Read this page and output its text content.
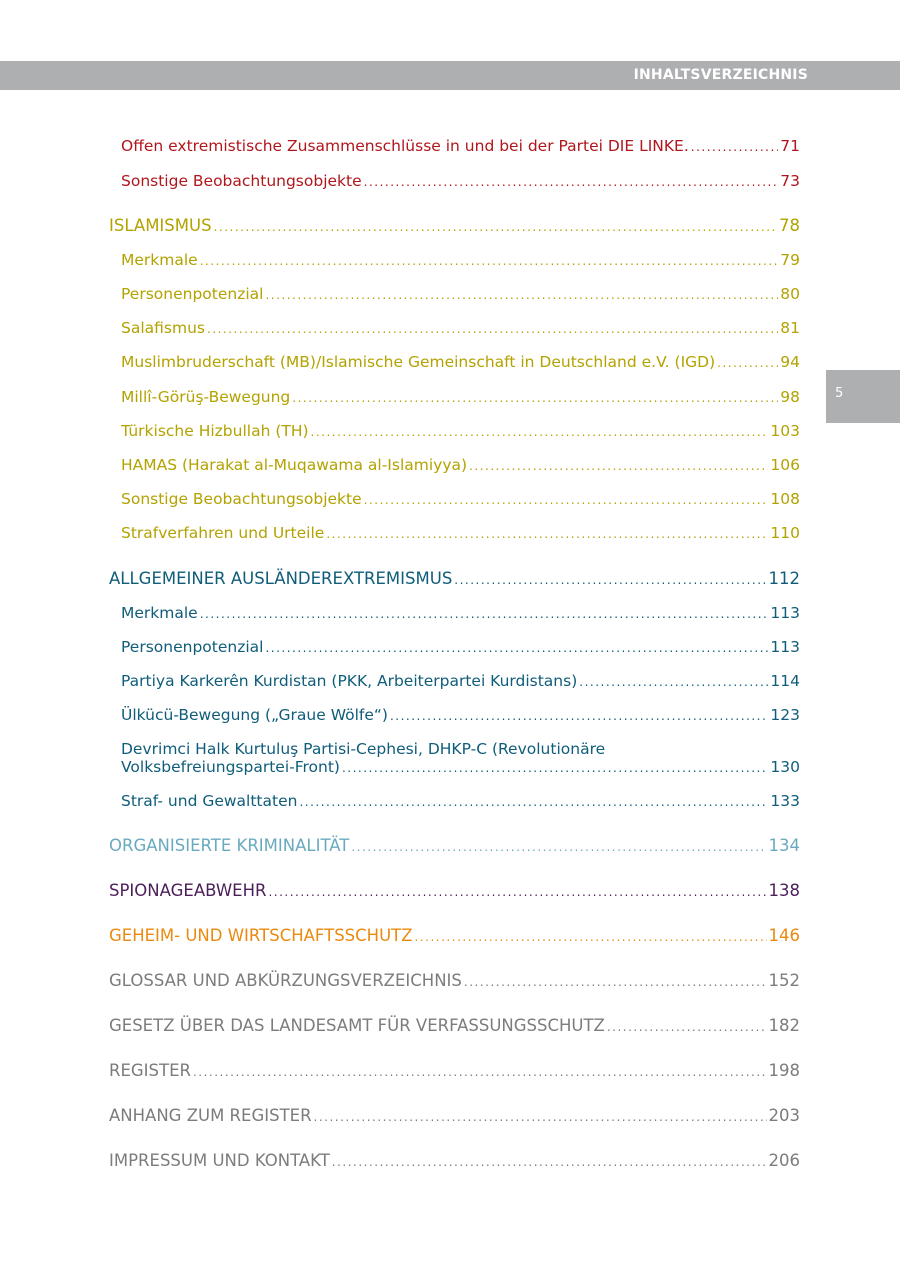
INHALTSVERZEICHNIS
5
Offen extremistische Zusammenschlüsse in und bei der Partei DIE LINKE. .....	71
Sonstige Beobachtungsobjekte .....	73
ISLAMISMUS .....	78
Merkmale .....	79
Personenpotenzial .....	80
Salafismus .....	81
Muslimbruderschaft (MB)/Islamische Gemeinschaft in Deutschland e.V. (IGD) .....	94
Millî-Görüş-Bewegung .....	98
Türkische Hizbullah (TH) .....	103
HAMAS (Harakat al-Muqawama al-Islamiyya) .....	106
Sonstige Beobachtungsobjekte .....	108
Strafverfahren und Urteile .....	110
ALLGEMEINER AUSLÄNDEREXTREMISMUS .....	112
Merkmale .....	113
Personenpotenzial .....	113
Partiya Karkerên Kurdistan (PKK, Arbeiterpartei Kurdistans) .....	114
Ülkücü-Bewegung („Graue Wölfe“) .....	123
Devrimci Halk Kurtuluş Partisi-Cephesi, DHKP-C (Revolutionäre
Volksbefreiungspartei-Front) .....	130
Straf- und Gewalttaten .....	133
ORGANISIERTE KRIMINALITÄT .....	134
SPIONAGEABWEHR .....	138
GEHEIM- UND WIRTSCHAFTSSCHUTZ .....	146
GLOSSAR UND ABKÜRZUNGSVERZEICHNIS .....	152
GESETZ ÜBER DAS LANDESAMT FÜR VERFASSUNGSSCHUTZ .....	182
REGISTER .....	198
ANHANG ZUM REGISTER .....	203
IMPRESSUM UND KONTAKT .....	206
